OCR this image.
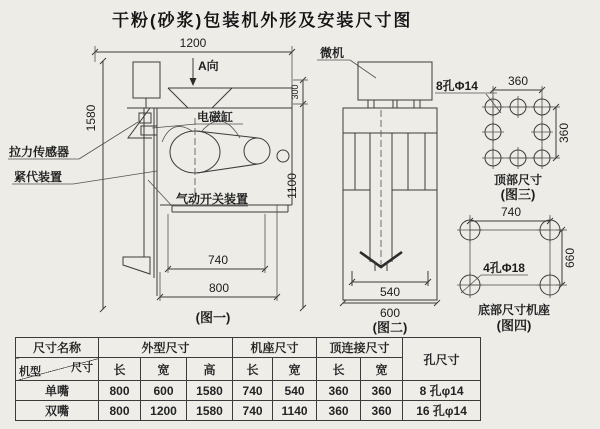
干粉(砂浆)包装机外形及安装尺寸图
1200
A向
1580	电磁缸
拉力传感器
紧代装置
气动开关装置
300
1100
740
800
(图一)
微机
540
600
(图二)
8孔Φ14	360
360
顶部尺寸
(图三)
740
4孔Φ18	660
底部尺寸机座
(图四)
尺寸名称	外型尺寸			机座尺寸		顶连接尺寸		孔尺寸

尺寸
机型	长	宽	高	长	宽	长	宽	
单嘴	800	600	1580	740	540	360	360	8 孔φ14
双嘴	800	1200	1580	740	1140	360	360	16 孔φ14
